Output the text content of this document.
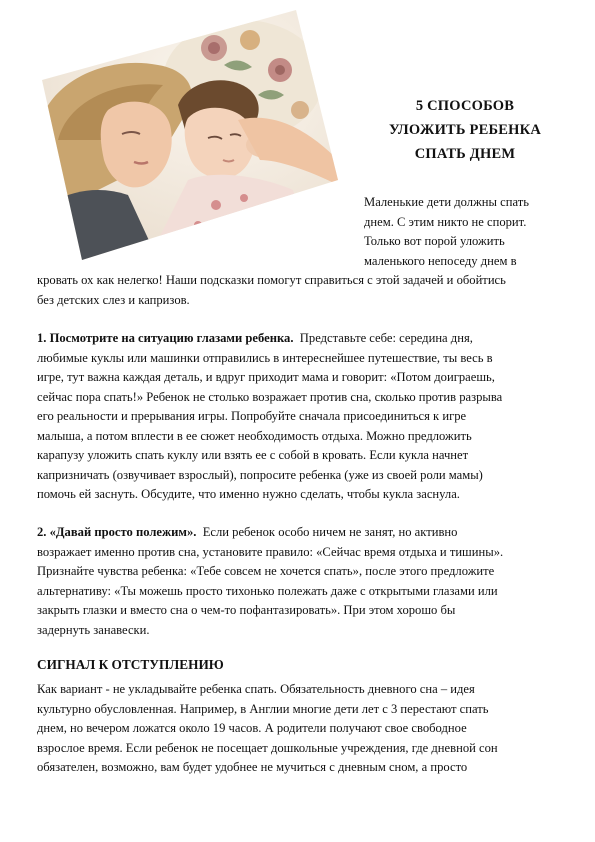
5 СПОСОБОВ
УЛОЖИТЬ РЕБЕНКА
СПАТЬ ДНЕМ
Маленькие дети должны спать
днем. С этим никто не спорит.
Только вот порой уложить
маленького непоседу днем в
кровать ох как нелегко! Наши подсказки помогут справиться с этой задачей и обойтись
без детских слез и капризов.
1. Посмотрите на ситуацию глазами ребенка.  Представьте себе: середина дня,
любимые куклы или машинки отправились в интереснейшее путешествие, ты весь в
игре, тут важна каждая деталь, и вдруг приходит мама и говорит: «Потом доиграешь,
сейчас пора спать!» Ребенок не столько возражает против сна, сколько против разрыва
его реальности и прерывания игры. Попробуйте сначала присоединиться к игре
малыша, а потом вплести в ее сюжет необходимость отдыха. Можно предложить
карапузу уложить спать куклу или взять ее с собой в кровать. Если кукла начнет
капризничать (озвучивает взрослый), попросите ребенка (уже из своей роли мамы)
помочь ей заснуть. Обсудите, что именно нужно сделать, чтобы кукла заснула.
2. «Давай просто полежим».  Если ребенок особо ничем не занят, но активно
возражает именно против сна, установите правило: «Сейчас время отдыха и тишины».
Признайте чувства ребенка: «Тебе совсем не хочется спать», после этого предложите
альтернативу: «Ты можешь просто тихонько полежать даже с открытыми глазами или
закрыть глазки и вместо сна о чем-то пофантазировать». При этом хорошо бы
задернуть занавески.
СИГНАЛ К ОТСТУПЛЕНИЮ
Как вариант - не укладывайте ребенка спать. Обязательность дневного сна – идея
культурно обусловленная. Например, в Англии многие дети лет с 3 перестают спать
днем, но вечером ложатся около 19 часов. А родители получают свое свободное
взрослое время. Если ребенок не посещает дошкольные учреждения, где дневной сон
обязателен, возможно, вам будет удобнее не мучиться с дневным сном, а просто
